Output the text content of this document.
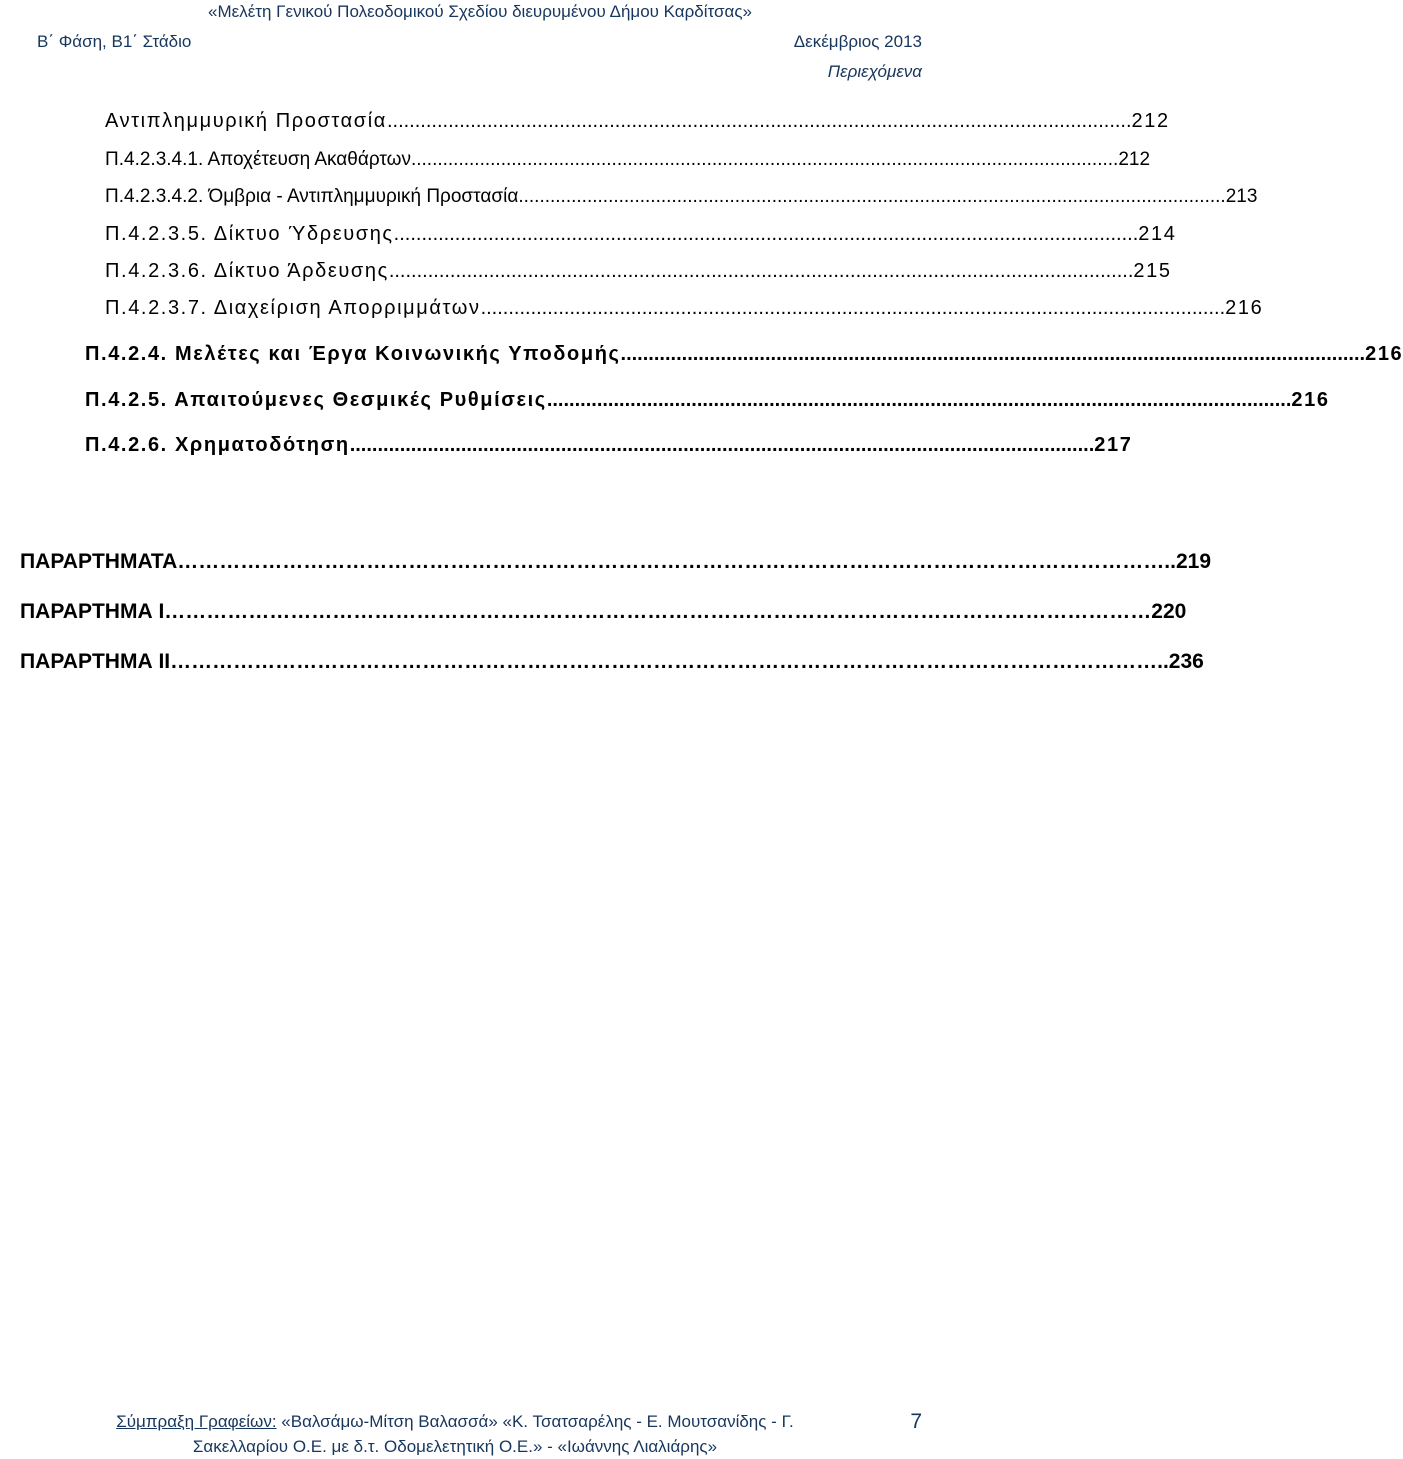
«Μελέτη Γενικού Πολεοδομικού Σχεδίου διευρυμένου Δήμου Καρδίτσας»
Β΄ Φάση, Β1΄ Στάδιο	Δεκέμβριος 2013
Περιεχόμενα
Αντιπλημμυρική Προστασία ...................................................................................................................................... 212
Π.4.2.3.4.1. Αποχέτευση Ακαθάρτων ...................................................................................................................................... 212
Π.4.2.3.4.2. Όμβρια - Αντιπλημμυρική Προστασία ...................................................................................................................................... 213
Π.4.2.3.5. Δίκτυο Ύδρευσης ...................................................................................................................................... 214
Π.4.2.3.6. Δίκτυο Άρδευσης ...................................................................................................................................... 215
Π.4.2.3.7. Διαχείριση Απορριμμάτων ...................................................................................................................................... 216
Π.4.2.4. Μελέτες και Έργα Κοινωνικής Υποδομής ...................................................................................................................................... 216
Π.4.2.5. Απαιτούμενες Θεσμικές Ρυθμίσεις ...................................................................................................................................... 216
Π.4.2.6. Χρηματοδότηση ...................................................................................................................................... 217
ΠΑΡΑΡΤΗΜΑΤΑ …………………………………………………………………………………………………………………………… ..219
ΠΑΡΑΡΤΗΜΑ Ι …………………………………………………………………………………………………………………………… 220
ΠΑΡΑΡΤΗΜΑ ΙΙ …………………………………………………………………………………………………………………………… ..236
Σύμπραξη Γραφείων: «Βαλσάμω-Μίτση Βαλασσά» «Κ. Τσατσαρέλης - Ε. Μουτσανίδης - Γ.
Σακελλαρίου Ο.Ε. με δ.τ. Οδομελετητική Ο.Ε.» - «Ιωάννης Λιαλιάρης»
7
